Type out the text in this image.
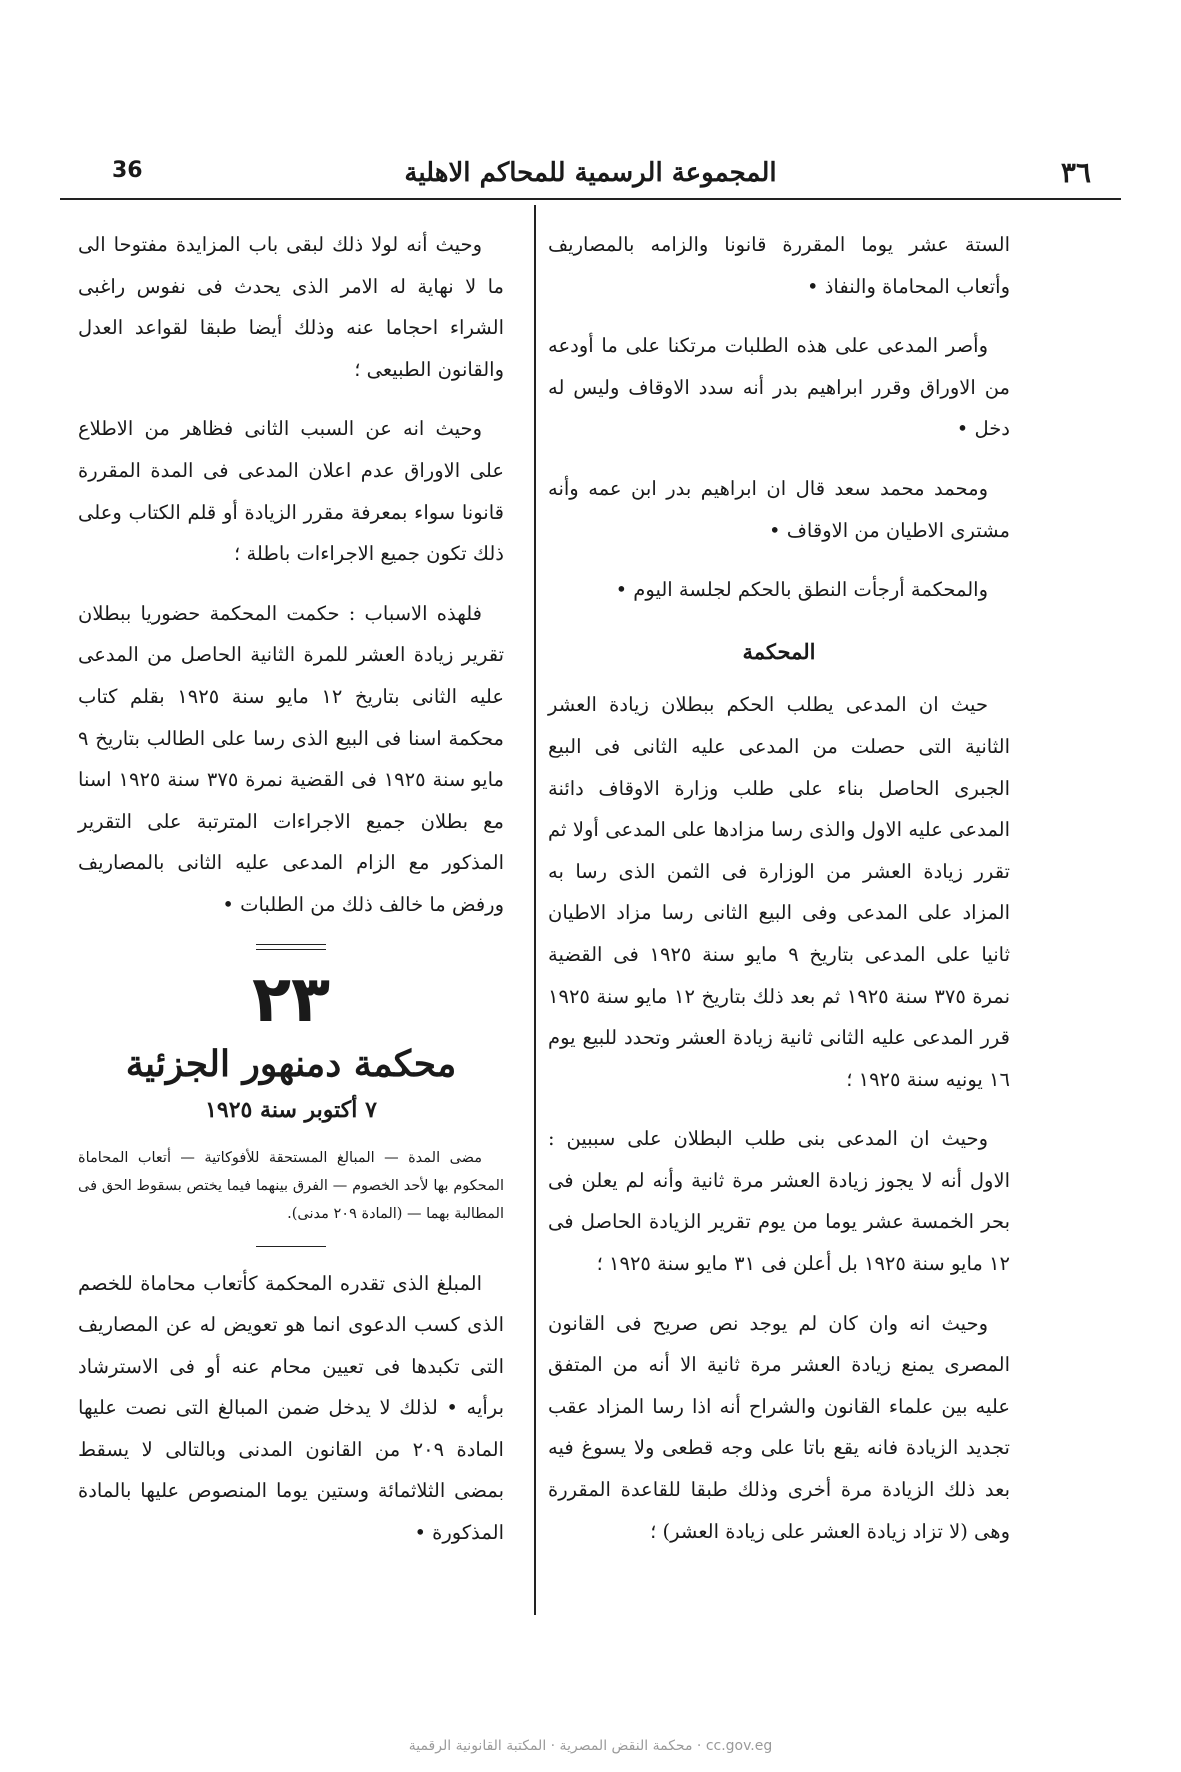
٣٦
المجموعة الرسمية للمحاكم الاهلية
36

الستة عشر يوما المقررة قانونا والزامه بالمصاريف وأتعاب المحاماة والنفاذ •

وأصر المدعى على هذه الطلبات مرتكنا على ما أودعه من الاوراق وقرر ابراهيم بدر أنه سدد الاوقاف وليس له دخل •

ومحمد محمد سعد قال ان ابراهيم بدر ابن عمه وأنه مشترى الاطيان من الاوقاف •

والمحكمة أرجأت النطق بالحكم لجلسة اليوم •

المحكمة

حيث ان المدعى يطلب الحكم ببطلان زيادة العشر الثانية التى حصلت من المدعى عليه الثانى فى البيع الجبرى الحاصل بناء على طلب وزارة الاوقاف دائنة المدعى عليه الاول والذى رسا مزادها على المدعى أولا ثم تقرر زيادة العشر من الوزارة فى الثمن الذى رسا به المزاد على المدعى وفى البيع الثانى رسا مزاد الاطيان ثانيا على المدعى بتاريخ ٩ مايو سنة ١٩٢٥ فى القضية نمرة ٣٧٥ سنة ١٩٢٥ ثم بعد ذلك بتاريخ ١٢ مايو سنة ١٩٢٥ قرر المدعى عليه الثانى ثانية زيادة العشر وتحدد للبيع يوم ١٦ يونيه سنة ١٩٢٥ ؛

وحيث ان المدعى بنى طلب البطلان على سببين : الاول أنه لا يجوز زيادة العشر مرة ثانية وأنه لم يعلن فى بحر الخمسة عشر يوما من يوم تقرير الزيادة الحاصل فى ١٢ مايو سنة ١٩٢٥ بل أعلن فى ٣١ مايو سنة ١٩٢٥ ؛

وحيث انه وان كان لم يوجد نص صريح فى القانون المصرى يمنع زيادة العشر مرة ثانية الا أنه من المتفق عليه بين علماء القانون والشراح أنه اذا رسا المزاد عقب تجديد الزيادة فانه يقع باتا على وجه قطعى ولا يسوغ فيه بعد ذلك الزيادة مرة أخرى وذلك طبقا للقاعدة المقررة وهى (لا تزاد زيادة العشر على زيادة العشر) ؛

وحيث أنه لولا ذلك لبقى باب المزايدة مفتوحا الى ما لا نهاية له الامر الذى يحدث فى نفوس راغبى الشراء احجاما عنه وذلك أيضا طبقا لقواعد العدل والقانون الطبيعى ؛

وحيث انه عن السبب الثانى فظاهر من الاطلاع على الاوراق عدم اعلان المدعى فى المدة المقررة قانونا سواء بمعرفة مقرر الزيادة أو قلم الكتاب وعلى ذلك تكون جميع الاجراءات باطلة ؛

فلهذه الاسباب : حكمت المحكمة حضوريا ببطلان تقرير زيادة العشر للمرة الثانية الحاصل من المدعى عليه الثانى بتاريخ ١٢ مايو سنة ١٩٢٥ بقلم كتاب محكمة اسنا فى البيع الذى رسا على الطالب بتاريخ ٩ مايو سنة ١٩٢٥ فى القضية نمرة ٣٧٥ سنة ١٩٢٥ اسنا مع بطلان جميع الاجراءات المترتبة على التقرير المذكور مع الزام المدعى عليه الثانى بالمصاريف ورفض ما خالف ذلك من الطلبات •

٢٣
محكمة دمنهور الجزئية
٧ أكتوبر سنة ١٩٢٥

مضى المدة — المبالغ المستحقة للأفوكاتية — أتعاب المحاماة المحكوم بها لأحد الخصوم — الفرق بينهما فيما يختص بسقوط الحق فى المطالبة بهما — (المادة ٢٠٩ مدنى).

المبلغ الذى تقدره المحكمة كأتعاب محاماة للخصم الذى كسب الدعوى انما هو تعويض له عن المصاريف التى تكبدها فى تعيين محام عنه أو فى الاسترشاد برأيه • لذلك لا يدخل ضمن المبالغ التى نصت عليها المادة ٢٠٩ من القانون المدنى وبالتالى لا يسقط بمضى الثلاثمائة وستين يوما المنصوص عليها بالمادة المذكورة •

cc.gov.eg · محكمة النقض المصرية · المكتبة القانونية الرقمية
